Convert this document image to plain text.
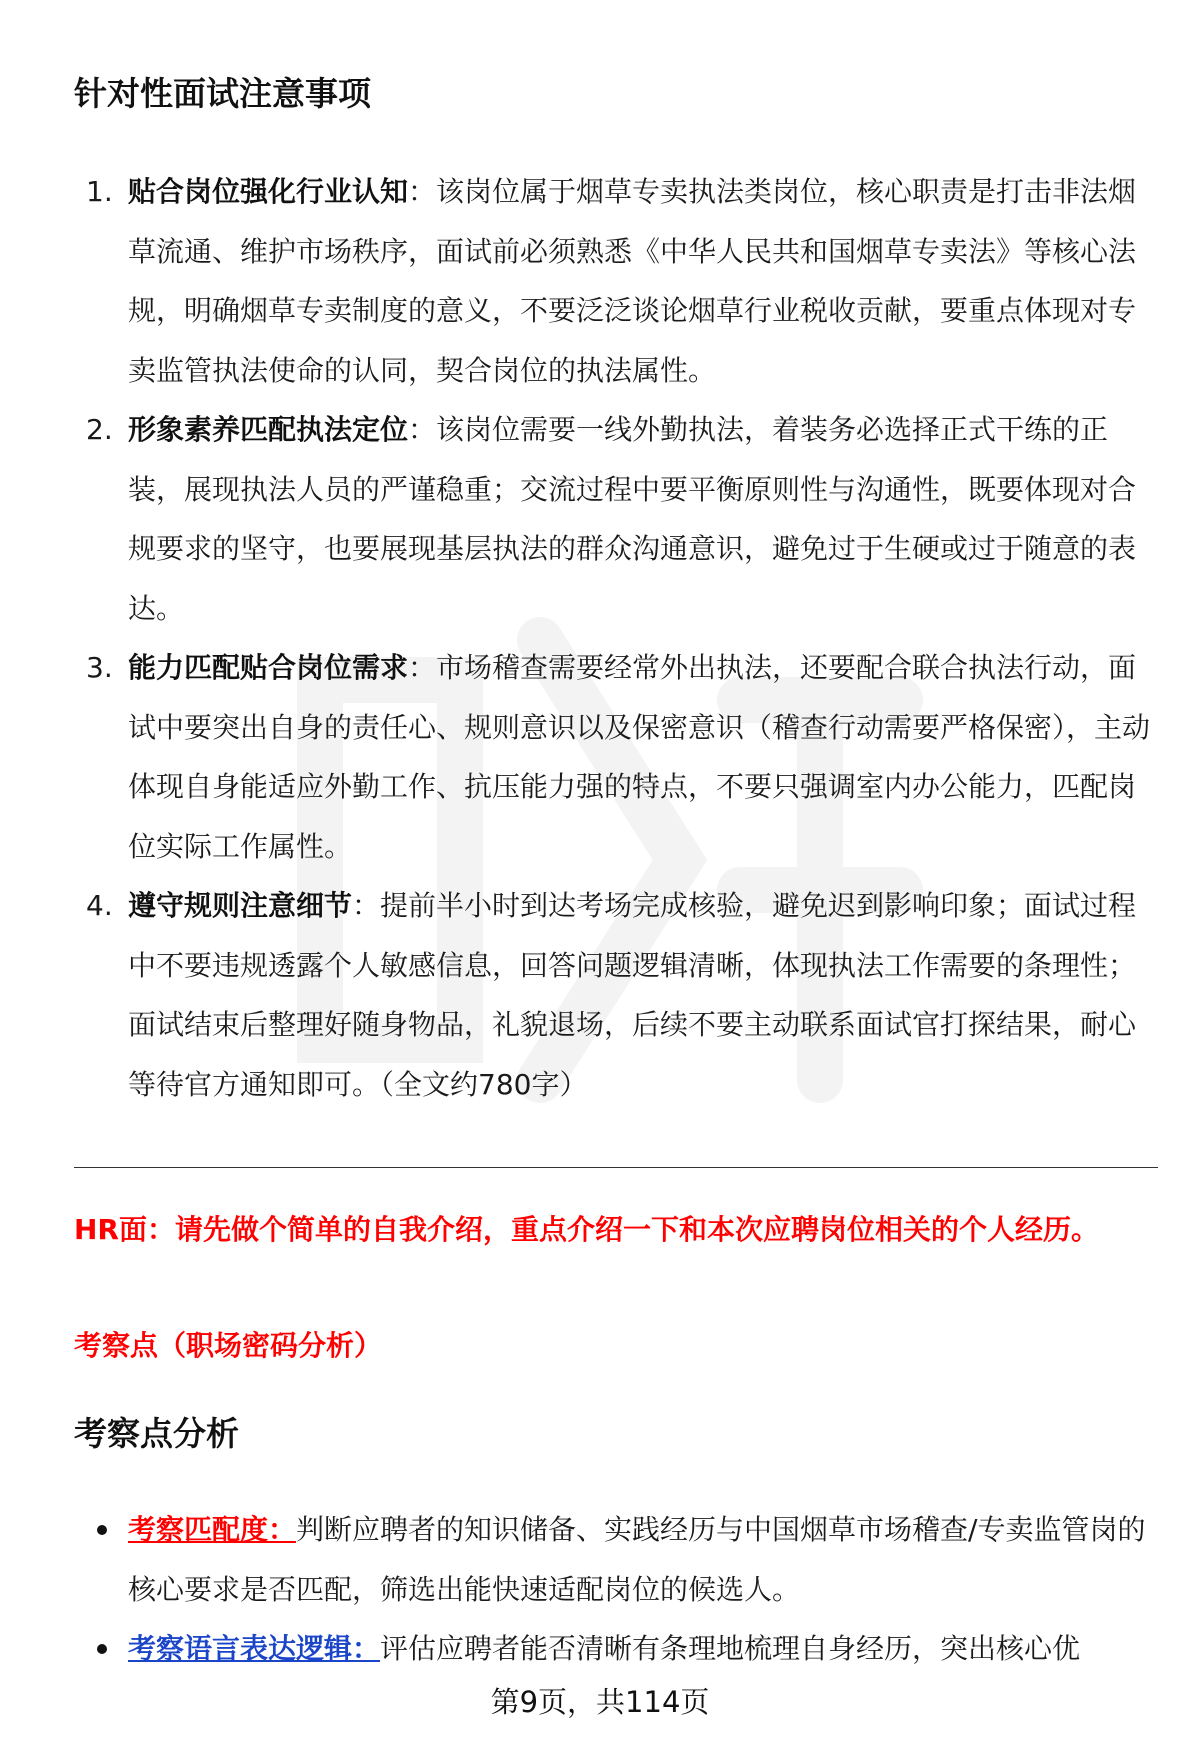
针对性面试注意事项
1. 贴合岗位强化行业认知：该岗位属于烟草专卖执法类岗位，核心职责是打击非法烟草流通、维护市场秩序，面试前必须熟悉《中华人民共和国烟草专卖法》等核心法规，明确烟草专卖制度的意义，不要泛泛谈论烟草行业税收贡献，要重点体现对专卖监管执法使命的认同，契合岗位的执法属性。
2. 形象素养匹配执法定位：该岗位需要一线外勤执法，着装务必选择正式干练的正装，展现执法人员的严谨稳重；交流过程中要平衡原则性与沟通性，既要体现对合规要求的坚守，也要展现基层执法的群众沟通意识，避免过于生硬或过于随意的表达。
3. 能力匹配贴合岗位需求：市场稽查需要经常外出执法，还要配合联合执法行动，面试中要突出自身的责任心、规则意识以及保密意识（稽查行动需要严格保密），主动体现自身能适应外勤工作、抗压能力强的特点，不要只强调室内办公能力，匹配岗位实际工作属性。
4. 遵守规则注意细节：提前半小时到达考场完成核验，避免迟到影响印象；面试过程中不要违规透露个人敏感信息，回答问题逻辑清晰，体现执法工作需要的条理性；面试结束后整理好随身物品，礼貌退场，后续不要主动联系面试官打探结果，耐心等待官方通知即可。（全文约780字）

HR面：请先做个简单的自我介绍，重点介绍一下和本次应聘岗位相关的个人经历。

考察点（职场密码分析）

考察点分析
考察匹配度：判断应聘者的知识储备、实践经历与中国烟草市场稽查/专卖监管岗的核心要求是否匹配，筛选出能快速适配岗位的候选人。
考察语言表达逻辑：评估应聘者能否清晰有条理地梳理自身经历，突出核心优
第9页，共114页
